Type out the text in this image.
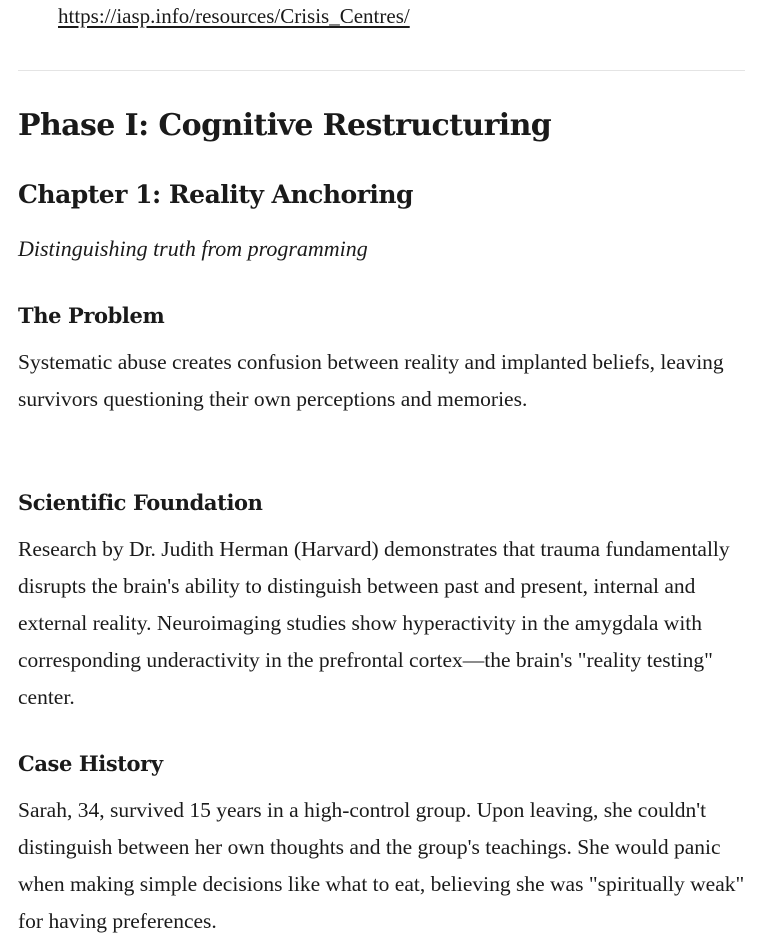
https://iasp.info/resources/Crisis_Centres/
Phase I: Cognitive Restructuring
Chapter 1: Reality Anchoring

Distinguishing truth from programming

The Problem

Systematic abuse creates confusion between reality and implanted beliefs, leaving survivors questioning their own perceptions and memories.

Scientific Foundation

Research by Dr. Judith Herman (Harvard) demonstrates that trauma fundamentally disrupts the brain's ability to distinguish between past and present, internal and external reality. Neuroimaging studies show hyperactivity in the amygdala with corresponding underactivity in the prefrontal cortex—the brain's "reality testing" center.

Case History

Sarah, 34, survived 15 years in a high-control group. Upon leaving, she couldn't distinguish between her own thoughts and the group's teachings. She would panic when making simple decisions like what to eat, believing she was "spiritually weak" for having preferences.
